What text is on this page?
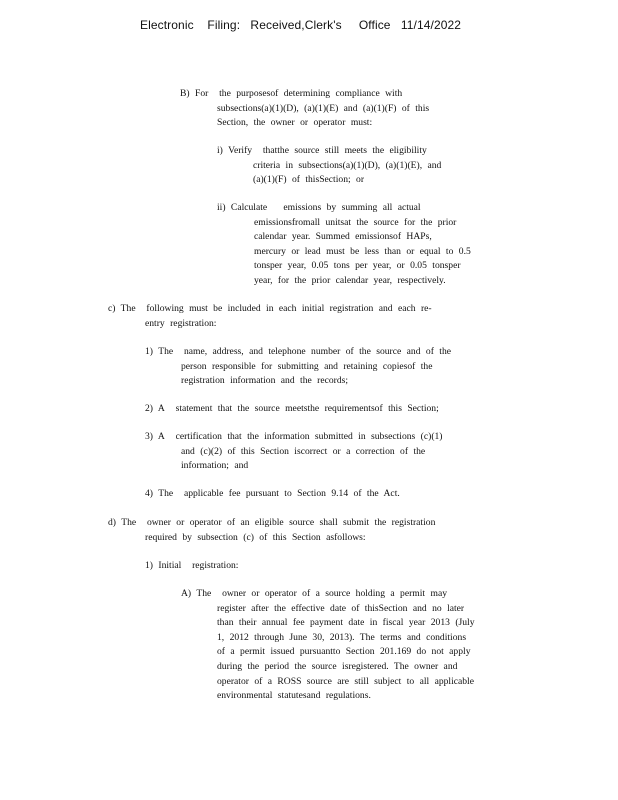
Electronic    Filing:   Received,Clerk's     Office   11/14/2022
B) For the purposesof determining compliance with
subsections(a)(1)(D), (a)(1)(E) and (a)(1)(F) of this
Section, the owner or operator must:
i) Verify thatthe source still meets the eligibility
criteria in subsections(a)(1)(D), (a)(1)(E), and
(a)(1)(F) of thisSection; or
ii) Calculate emissions by summing all actual
emissionsfromall unitsat the source for the prior
calendar year. Summed emissionsof HAPs,
mercury or lead must be less than or equal to 0.5
tonsper year, 0.05 tons per year, or 0.05 tonsper
year, for the prior calendar year, respectively.
c) The following must be included in each initial registration and each re-
entry registration:
1) The name, address, and telephone number of the source and of the
person responsible for submitting and retaining copiesof the
registration information and the records;
2) A statement that the source meetsthe requirementsof this Section;
3) A certification that the information submitted in subsections (c)(1)
and (c)(2) of this Section iscorrect or a correction of the
information; and
4) The applicable fee pursuant to Section 9.14 of the Act.
d) The owner or operator of an eligible source shall submit the registration
required by subsection (c) of this Section asfollows:
1) Initial registration:
A) The owner or operator of a source holding a permit may
register after the effective date of thisSection and no later
than their annual fee payment date in fiscal year 2013 (July
1, 2012 through June 30, 2013). The terms and conditions
of a permit issued pursuantto Section 201.169 do not apply
during the period the source isregistered. The owner and
operator of a ROSS source are still subject to all applicable
environmental statutesand regulations.
